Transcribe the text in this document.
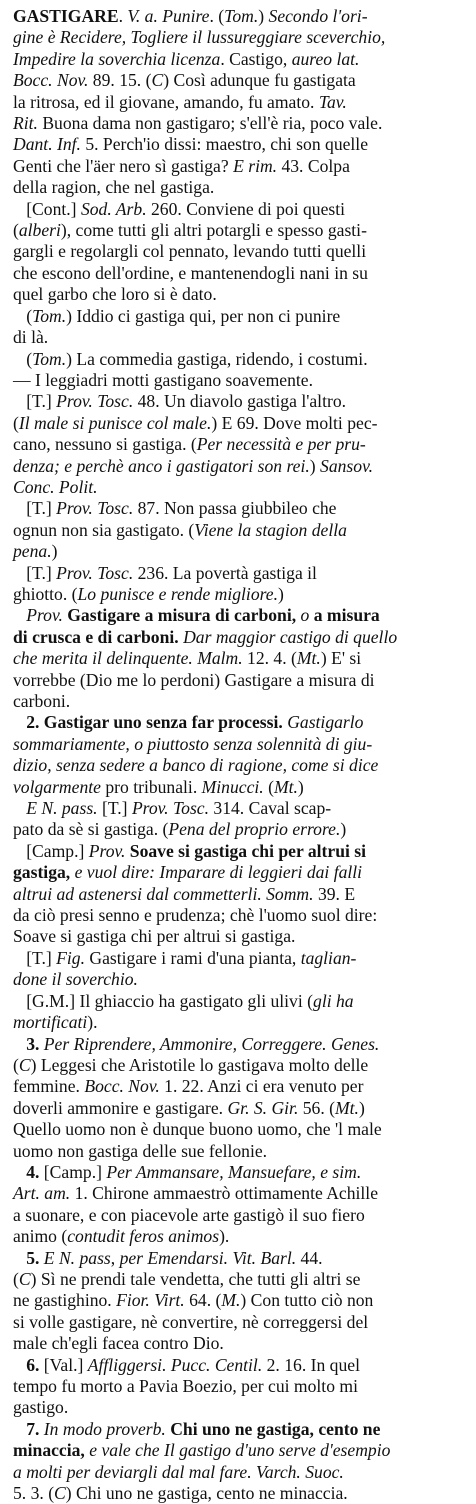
GASTIGARE. V. a. Punire. (Tom.) Secondo l'ori-
gine è Recidere, Togliere il lussureggiare sceverchio,
Impedire la soverchia licenza. Castigo, aureo lat.
Bocc. Nov. 89. 15. (C) Così adunque fu gastigata
la ritrosa, ed il giovane, amando, fu amato. Tav.
Rit. Buona dama non gastigaro; s'ell'è ria, poco vale.
Dant. Inf. 5. Perch'io dissi: maestro, chi son quelle
Genti che l'äer nero sì gastiga? E rim. 43. Colpa
della ragion, che nel gastiga.
[Cont.] Sod. Arb. 260. Conviene di poi questi
(alberi), come tutti gli altri potargli e spesso gasti-
gargli e regolargli col pennato, levando tutti quelli
che escono dell'ordine, e mantenendogli nani in su
quel garbo che loro si è dato.
(Tom.) Iddio ci gastiga qui, per non ci punire
di là.
(Tom.) La commedia gastiga, ridendo, i costumi.
— I leggiadri motti gastigano soavemente.
[T.] Prov. Tosc. 48. Un diavolo gastiga l'altro.
(Il male si punisce col male.) E 69. Dove molti pec-
cano, nessuno si gastiga. (Per necessità e per pru-
denza; e perchè anco i gastigatori son rei.) Sansov.
Conc. Polit.
[T.] Prov. Tosc. 87. Non passa giubbileo che
ognun non sia gastigato. (Viene la stagion della
pena.)
[T.] Prov. Tosc. 236. La povertà gastiga il
ghiotto. (Lo punisce e rende migliore.)
Prov. Gastigare a misura di carboni, o a misura
di crusca e di carboni. Dar maggior castigo di quello
che merita il delinquente. Malm. 12. 4. (Mt.) E' si
vorrebbe (Dio me lo perdoni) Gastigare a misura di
carboni.
2. Gastigar uno senza far processi. Gastigarlo
sommariamente, o piuttosto senza solennità di giu-
dizio, senza sedere a banco di ragione, come si dice
volgarmente pro tribunali. Minucci. (Mt.)
E N. pass. [T.] Prov. Tosc. 314. Caval scap-
pato da sè si gastiga. (Pena del proprio errore.)
[Camp.] Prov. Soave si gastiga chi per altrui si
gastiga, e vuol dire: Imparare di leggieri dai falli
altrui ad astenersi dal commetterli. Somm. 39. E
da ciò presi senno e prudenza; chè l'uomo suol dire:
Soave si gastiga chi per altrui si gastiga.
[T.] Fig. Gastigare i rami d'una pianta, taglian-
done il soverchio.
[G.M.] Il ghiaccio ha gastigato gli ulivi (gli ha
mortificati).
3. Per Riprendere, Ammonire, Correggere. Genes.
(C) Leggesi che Aristotile lo gastigava molto delle
femmine. Bocc. Nov. 1. 22. Anzi ci era venuto per
doverli ammonire e gastigare. Gr. S. Gir. 56. (Mt.)
Quello uomo non è dunque buono uomo, che 'l male
uomo non gastiga delle sue fellonie.
4. [Camp.] Per Ammansare, Mansuefare, e sim.
Art. am. 1. Chirone ammaestrò ottimamente Achille
a suonare, e con piacevole arte gastigò il suo fiero
animo (contudit feros animos).
5. E N. pass, per Emendarsi. Vit. Barl. 44.
(C) Sì ne prendi tale vendetta, che tutti gli altri se
ne gastighino. Fior. Virt. 64. (M.) Con tutto ciò non
si volle gastigare, nè convertire, nè correggersi del
male ch'egli facea contro Dio.
6. [Val.] Affliggersi. Pucc. Centil. 2. 16. In quel
tempo fu morto a Pavia Boezio, per cui molto mi
gastigo.
7. In modo proverb. Chi uno ne gastiga, cento ne
minaccia, e vale che Il gastigo d'uno serve d'esempio
a molti per deviargli dal mal fare. Varch. Suoc.
5. 3. (C) Chi uno ne gastiga, cento ne minaccia.
